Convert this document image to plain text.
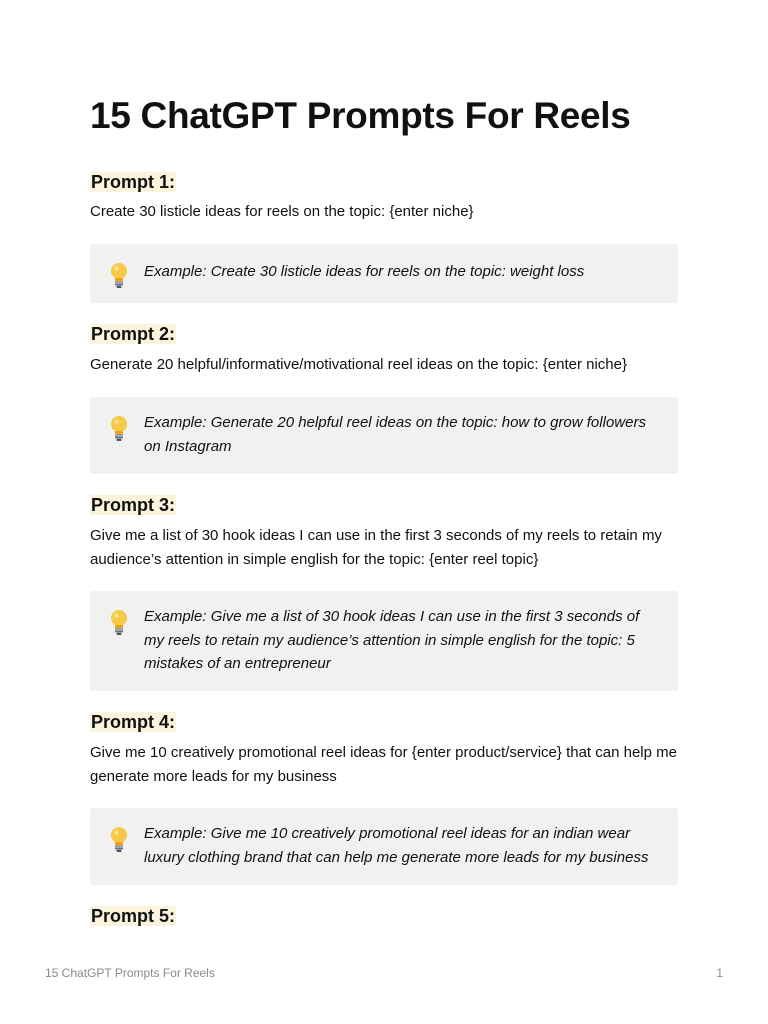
15 ChatGPT Prompts For Reels
Prompt 1:

Create 30 listicle ideas for reels on the topic: {enter niche}

Example: Create 30 listicle ideas for reels on the topic: weight loss

Prompt 2:

Generate 20 helpful/informative/motivational reel ideas on the topic: {enter niche}

Example: Generate 20 helpful reel ideas on the topic: how to grow followers on Instagram

Prompt 3:

Give me a list of 30 hook ideas I can use in the first 3 seconds of my reels to retain my audience’s attention in simple english for the topic: {enter reel topic}

Example: Give me a list of 30 hook ideas I can use in the first 3 seconds of my reels to retain my audience’s attention in simple english for the topic: 5 mistakes of an entrepreneur

Prompt 4:

Give me 10 creatively promotional reel ideas for {enter product/service} that can help me generate more leads for my business

Example: Give me 10 creatively promotional reel ideas for an indian wear luxury clothing brand that can help me generate more leads for my business

Prompt 5:
15 ChatGPT Prompts For Reels	1
